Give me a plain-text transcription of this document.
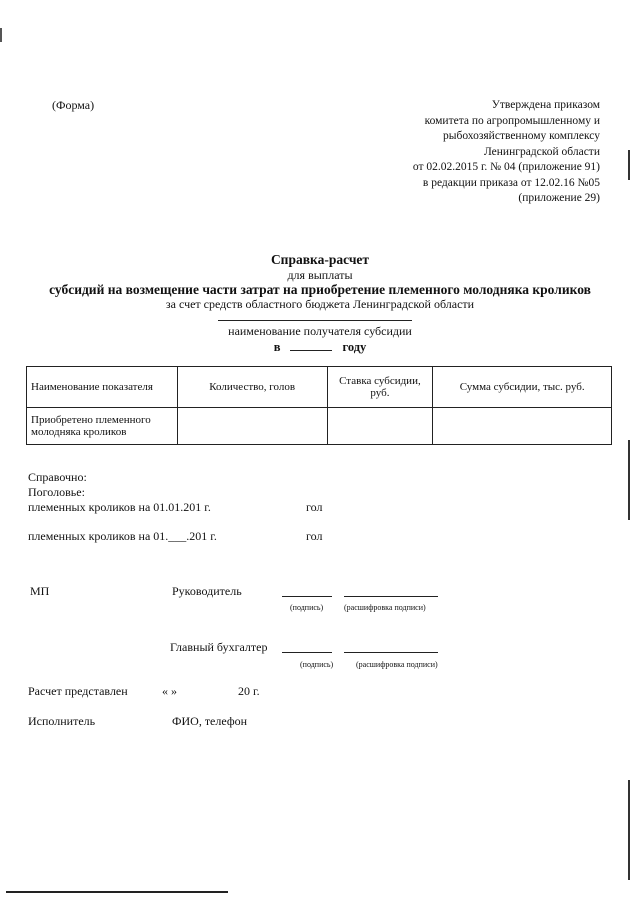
(Форма)	Утверждена приказом
комитета по агропромышленному и
рыбохозяйственному комплексу
Ленинградской области
от 02.02.2015 г. № 04 (приложение 91)
в редакции приказа от 12.02.16 №05
(приложение 29)
Справка-расчет
для выплаты
субсидий на возмещение части затрат на приобретение племенного молодняка кроликов
за счет средств областного бюджета Ленинградской области
наименование получателя субсидии
в	году
Наименование показателя	Количество, голов	Ставка субсидии, руб.	Сумма субсидии, тыс. руб.
Приобретено племенного молодняка кроликов			
Справочно:
Поголовье:
племенных кроликов на 01.01.201 г.	гол
племенных кроликов на 01.___.201 г.	гол
МП	Руководитель
(подпись)	(расшифровка подписи)
Главный бухгалтер
(подпись)	(расшифровка подписи)
Расчет представлен	« »	20 г.
Исполнитель	ФИО, телефон
